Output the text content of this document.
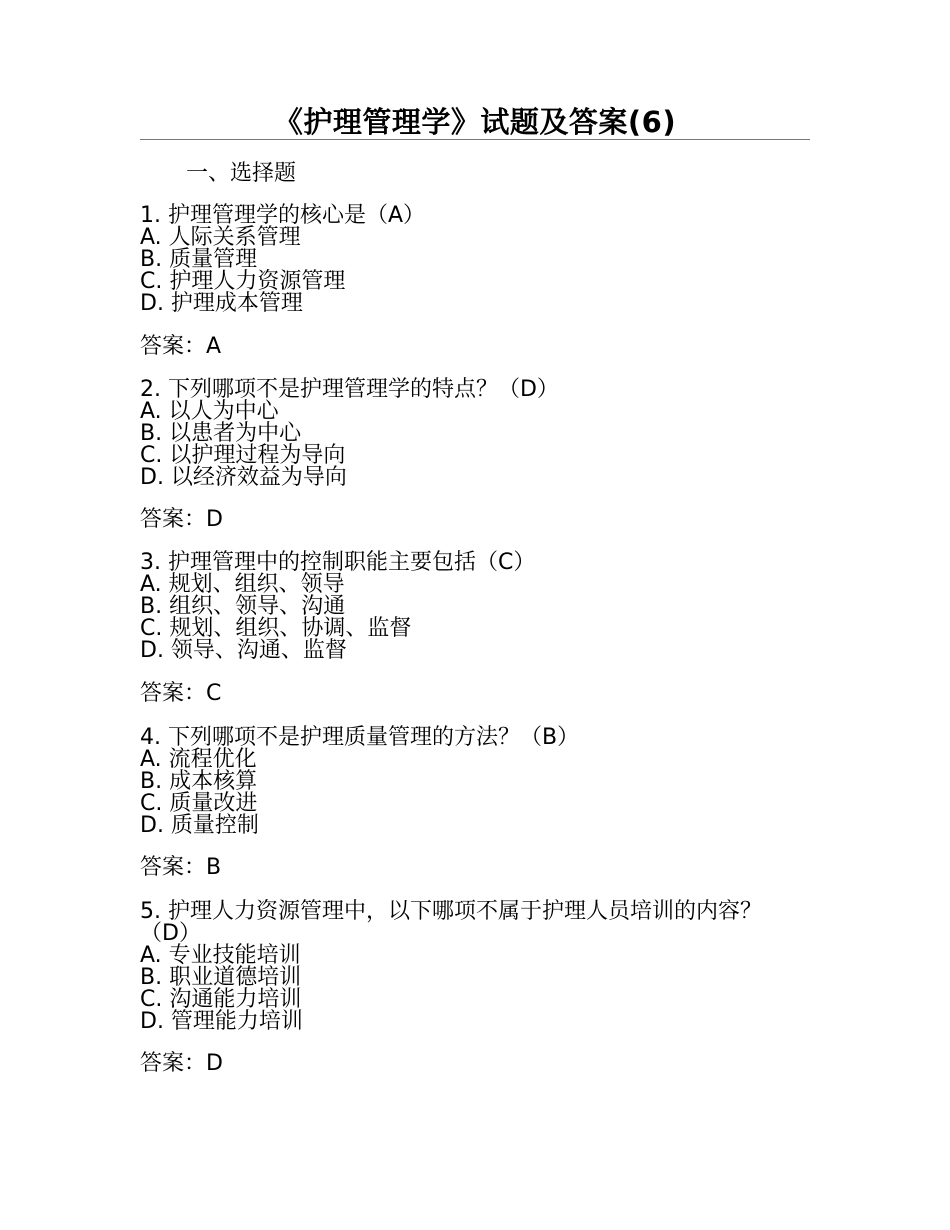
《护理管理学》试题及答案(6)
一、选择题

1. 护理管理学的核心是（A）

A. 人际关系管理

B. 质量管理

C. 护理人力资源管理

D. 护理成本管理

答案：A

2. 下列哪项不是护理管理学的特点？（D）

A. 以人为中心

B. 以患者为中心

C. 以护理过程为导向

D. 以经济效益为导向

答案：D

3. 护理管理中的控制职能主要包括（C）

A. 规划、组织、领导

B. 组织、领导、沟通

C. 规划、组织、协调、监督

D. 领导、沟通、监督

答案：C

4. 下列哪项不是护理质量管理的方法？（B）

A. 流程优化

B. 成本核算

C. 质量改进

D. 质量控制

答案：B

5. 护理人力资源管理中，以下哪项不属于护理人员培训的内容？（D）

A. 专业技能培训

B. 职业道德培训

C. 沟通能力培训

D. 管理能力培训

答案：D
